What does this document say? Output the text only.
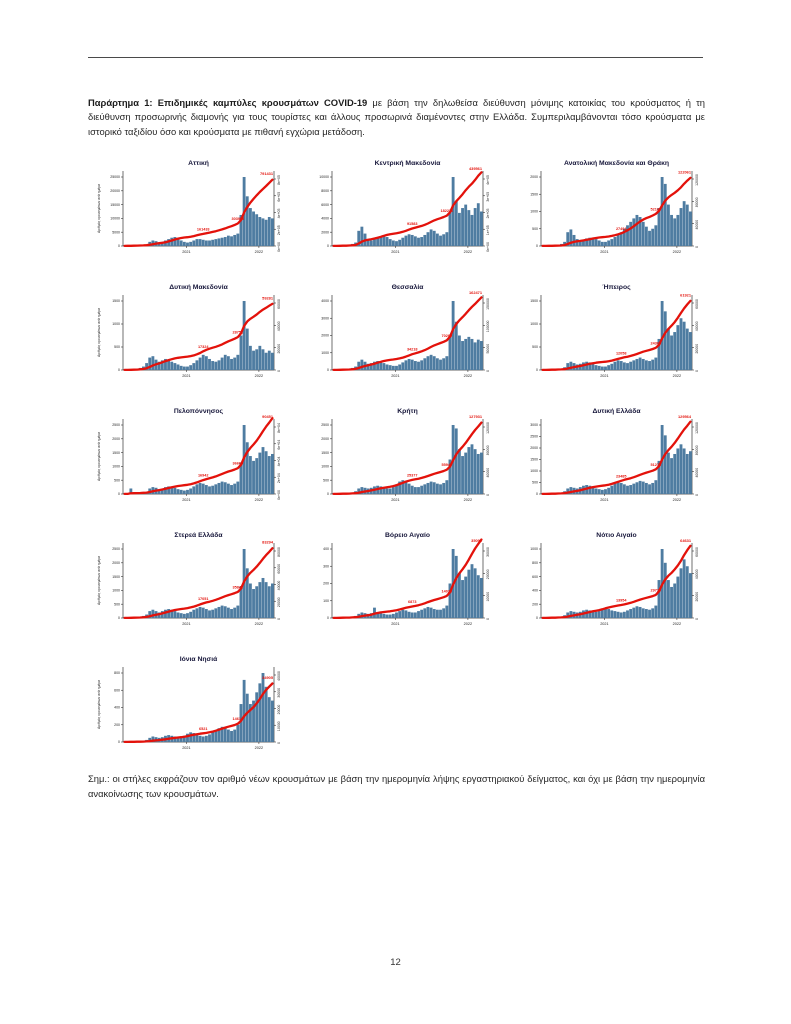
Παράρτημα 1: Επιδημικές καμπύλες κρουσμάτων COVID-19 με βάση την δηλωθείσα διεύθυνση μόνιμης κατοικίας του κρούσματος ή τη διεύθυνση προσωρινής διαμονής για τους τουρίστες και άλλους προσωρινά διαμένοντες στην Ελλάδα. Συμπεριλαμβάνονται τόσο κρούσματα με ιστορικό ταξιδίου όσο και κρούσματα με πιθανή εγχώρια μετάδοση.
Αττική
0
5000
10000
15000
20000
25000
0e+00
2e+05
4e+05
6e+05
8e+05
2021	2022
Αριθμός κρουσμάτων ανά ημέρα	161433
303958
791431
Κεντρική Μακεδονία
0
2000
4000
6000
8000
10000
0e+00
1e+05
2e+05
3e+05
4e+05
2021	2022
91583
182236
439561
Ανατολική Μακεδονία και Θράκη
0
500
1000
1500
2000
0
40000
80000
120000
2021	2022
27494
52168
122061
Δυτική Μακεδονία
0
500
1000
1500
0
20000
40000
60000
2021	2022
Αριθμός κρουσμάτων ανά ημέρα	17324
28751
59281
Θεσσαλία
0
1000
2000
3000
4000
0
50000
100000
150000
2021	2022
34218
70269
162471
Ήπειρος
0
500
1000
1500
0
20000
40000
60000
2021	2022
12058
24304
61921
Πελοπόννησος
0
500
1000
1500
2000
2500
0e+00
2e+04
4e+04
6e+04
8e+04
2021	2022
Αριθμός κρουσμάτων ανά ημέρα	16942
36605
90451
Κρήτη
0
500
1000
1500
2000
2500
0
40000
80000
120000
2021	2022
25377
55940
127931
Δυτική Ελλάδα
0
500
1000
1500
2000
2500
3000
0
40000
80000
120000
2021	2022
23485
51276
129564
Στερεά Ελλάδα
0
500
1000
1500
2000
2500
0
20000
40000
60000
80000
2021	2022
Αριθμός κρουσμάτων ανά ημέρα	17051
35842
83294
Βόρειο Αιγαίο
0
100
200
300
400
0
10000
20000
30000
2021	2022
6873
14028
35092
Νότιο Αιγαίο
0
200
400
600
800
1000
0
20000
40000
60000
2021	2022
13954
29716
64631
Ιόνια Νησιά
0
200
400
600
800
0
10000
20000
30000
40000
2021	2022
Αριθμός κρουσμάτων ανά ημέρα	6521
14612
34905
Σημ.: οι στήλες εκφράζουν τον αριθμό νέων κρουσμάτων με βάση την ημερομηνία λήψης εργαστηριακού δείγματος, και όχι με βάση την ημερομηνία ανακοίνωσης των κρουσμάτων.
12
